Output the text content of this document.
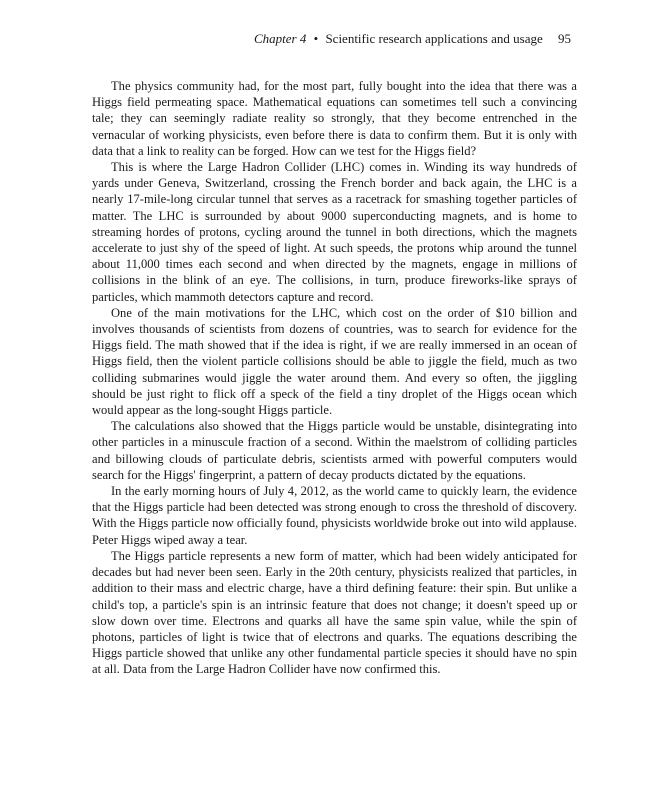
Chapter 4 • Scientific research applications and usage 95

The physics community had, for the most part, fully bought into the idea that there was a Higgs field permeating space. Mathematical equations can sometimes tell such a convincing tale; they can seemingly radiate reality so strongly, that they become entrenched in the vernacular of working physicists, even before there is data to confirm them. But it is only with data that a link to reality can be forged. How can we test for the Higgs field?

This is where the Large Hadron Collider (LHC) comes in. Winding its way hundreds of yards under Geneva, Switzerland, crossing the French border and back again, the LHC is a nearly 17-mile-long circular tunnel that serves as a racetrack for smashing together particles of matter. The LHC is surrounded by about 9000 superconducting magnets, and is home to streaming hordes of protons, cycling around the tunnel in both directions, which the magnets accelerate to just shy of the speed of light. At such speeds, the protons whip around the tunnel about 11,000 times each second and when directed by the magnets, engage in millions of collisions in the blink of an eye. The collisions, in turn, produce fireworks-like sprays of particles, which mammoth detectors capture and record.

One of the main motivations for the LHC, which cost on the order of $10 billion and involves thousands of scientists from dozens of countries, was to search for evidence for the Higgs field. The math showed that if the idea is right, if we are really immersed in an ocean of Higgs field, then the violent particle collisions should be able to jiggle the field, much as two colliding submarines would jiggle the water around them. And every so often, the jiggling should be just right to flick off a speck of the field a tiny droplet of the Higgs ocean which would appear as the long-sought Higgs particle.

The calculations also showed that the Higgs particle would be unstable, disintegrating into other particles in a minuscule fraction of a second. Within the maelstrom of colliding particles and billowing clouds of particulate debris, scientists armed with powerful computers would search for the Higgs' fingerprint, a pattern of decay products dictated by the equations.

In the early morning hours of July 4, 2012, as the world came to quickly learn, the evidence that the Higgs particle had been detected was strong enough to cross the threshold of discovery. With the Higgs particle now officially found, physicists worldwide broke out into wild applause. Peter Higgs wiped away a tear.

The Higgs particle represents a new form of matter, which had been widely anticipated for decades but had never been seen. Early in the 20th century, physicists realized that particles, in addition to their mass and electric charge, have a third defining feature: their spin. But unlike a child's top, a particle's spin is an intrinsic feature that does not change; it doesn't speed up or slow down over time. Electrons and quarks all have the same spin value, while the spin of photons, particles of light is twice that of electrons and quarks. The equations describing the Higgs particle showed that unlike any other fundamental particle species it should have no spin at all. Data from the Large Hadron Collider have now confirmed this.
